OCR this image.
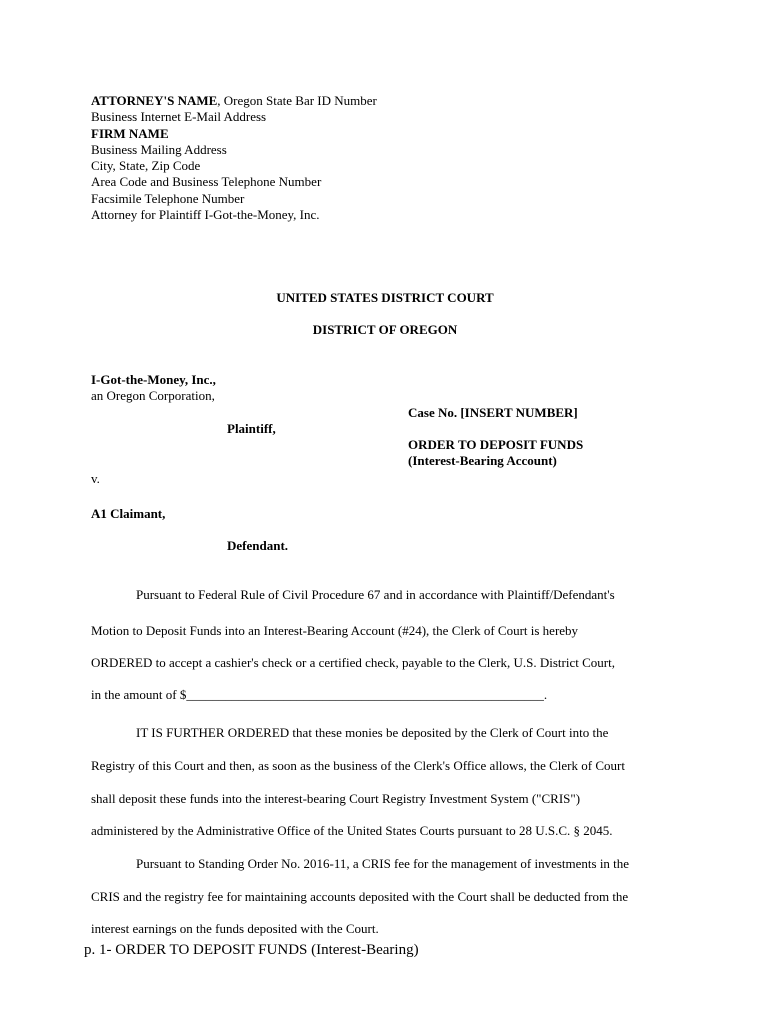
ATTORNEY'S NAME, Oregon State Bar ID Number
Business Internet E-Mail Address
FIRM NAME
Business Mailing Address
City, State, Zip Code
Area Code and Business Telephone Number
Facsimile Telephone Number
Attorney for Plaintiff I-Got-the-Money, Inc.
UNITED STATES DISTRICT COURT
DISTRICT OF OREGON
I-Got-the-Money, Inc.,
an Oregon Corporation,
Plaintiff,
v.
A1 Claimant,
Defendant.
Case No. [INSERT NUMBER]
ORDER TO DEPOSIT FUNDS
(Interest-Bearing Account)
Pursuant to Federal Rule of Civil Procedure 67 and in accordance with Plaintiff/Defendant's
Motion to Deposit Funds into an Interest-Bearing Account (#24), the Clerk of Court is hereby
ORDERED to accept a cashier's check or a certified check, payable to the Clerk, U.S. District Court,
in the amount of $_______________________________________________________.
IT IS FURTHER ORDERED that these monies be deposited by the Clerk of Court into the
Registry of this Court and then, as soon as the business of the Clerk's Office allows, the Clerk of Court
shall deposit these funds into the interest-bearing Court Registry Investment System ("CRIS")
administered by the Administrative Office of the United States Courts pursuant to 28 U.S.C. § 2045.
Pursuant to Standing Order No. 2016-11, a CRIS fee for the management of investments in the
CRIS and the registry fee for maintaining accounts deposited with the Court shall be deducted from the
interest earnings on the funds deposited with the Court.
p. 1- ORDER TO DEPOSIT FUNDS (Interest-Bearing)
